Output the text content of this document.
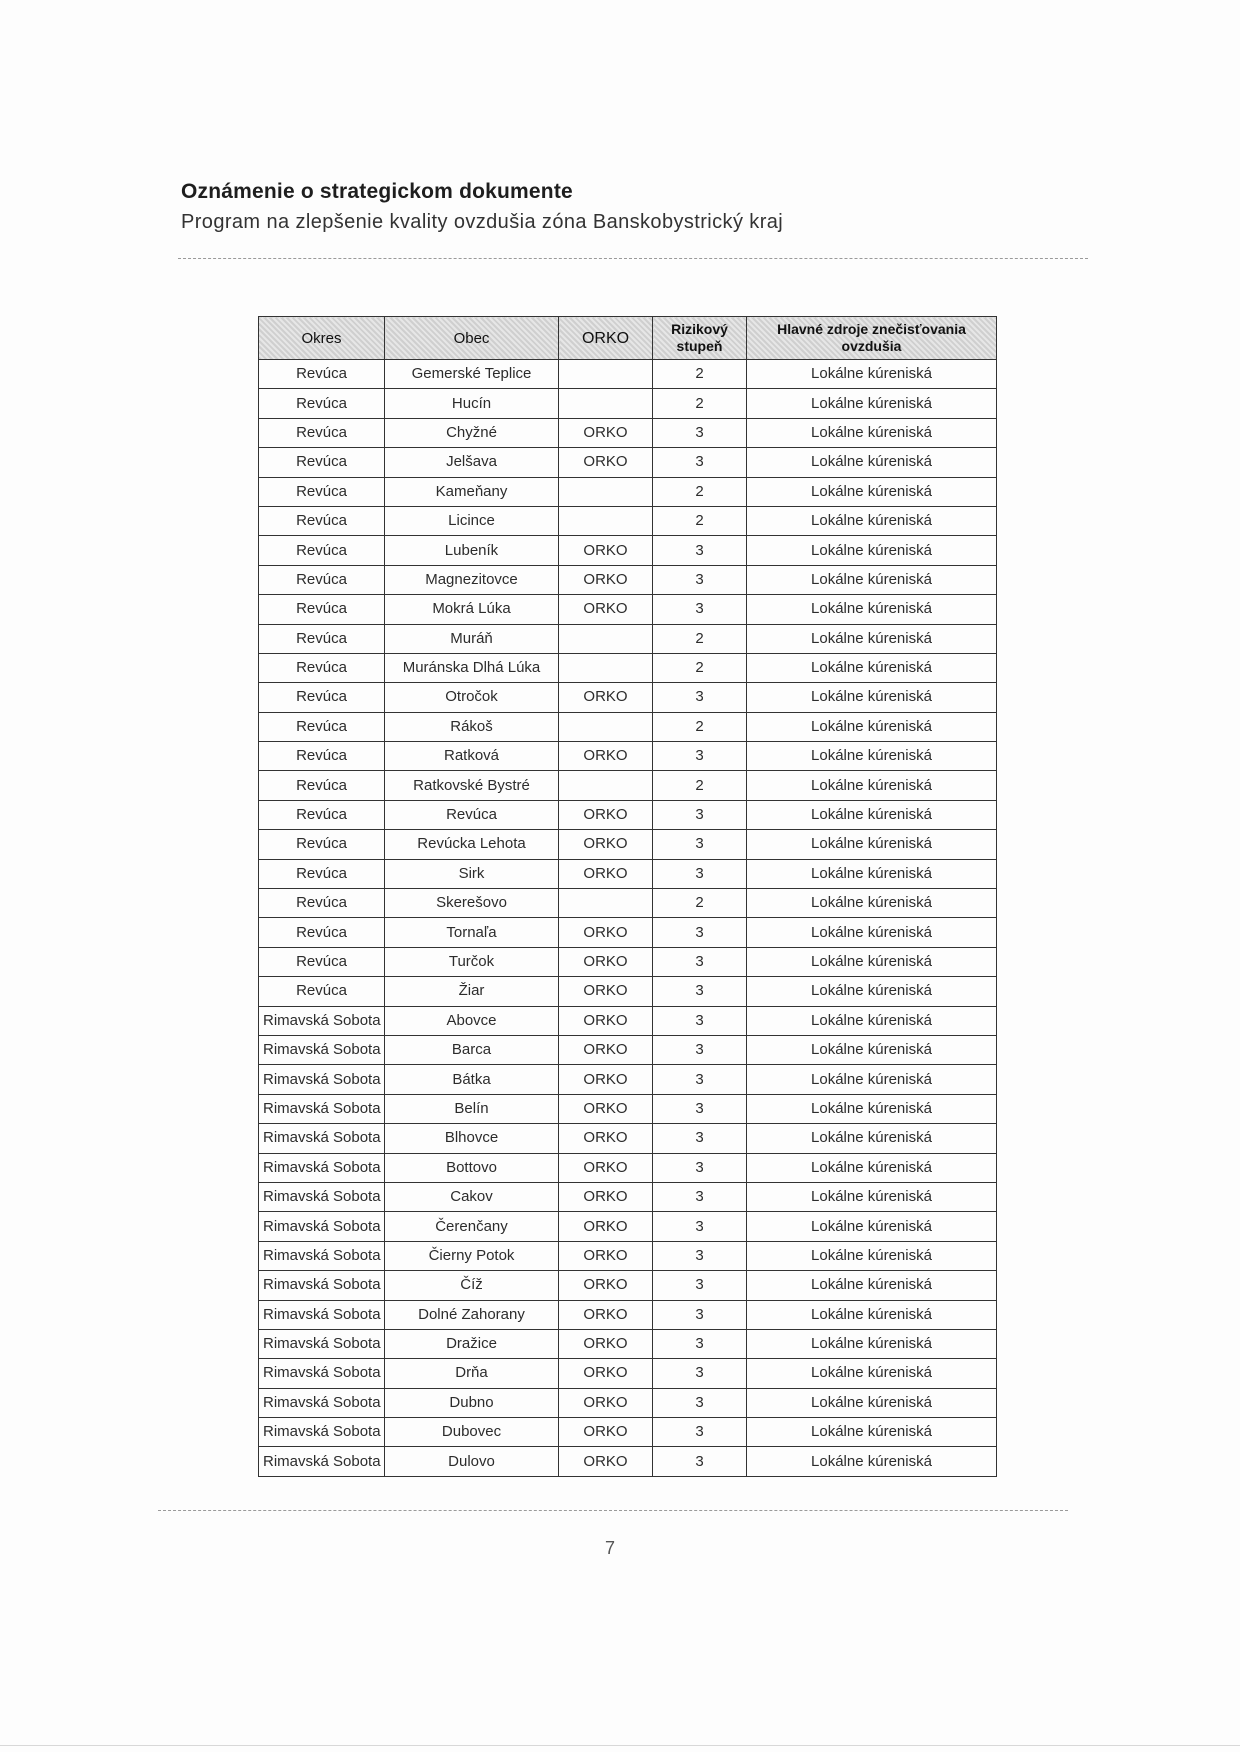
Oznámenie o strategickom dokumente
Program na zlepšenie kvality ovzdušia zóna Banskobystrický kraj
Okres	Obec	ORKO	Rizikový stupeň	Hlavné zdroje znečisťovania ovzdušia
Revúca	Gemerské Teplice		2	Lokálne kúreniská
Revúca	Hucín		2	Lokálne kúreniská
Revúca	Chyžné	ORKO	3	Lokálne kúreniská
Revúca	Jelšava	ORKO	3	Lokálne kúreniská
Revúca	Kameňany		2	Lokálne kúreniská
Revúca	Licince		2	Lokálne kúreniská
Revúca	Lubeník	ORKO	3	Lokálne kúreniská
Revúca	Magnezitovce	ORKO	3	Lokálne kúreniská
Revúca	Mokrá Lúka	ORKO	3	Lokálne kúreniská
Revúca	Muráň		2	Lokálne kúreniská
Revúca	Muránska Dlhá Lúka		2	Lokálne kúreniská
Revúca	Otročok	ORKO	3	Lokálne kúreniská
Revúca	Rákoš		2	Lokálne kúreniská
Revúca	Ratková	ORKO	3	Lokálne kúreniská
Revúca	Ratkovské Bystré		2	Lokálne kúreniská
Revúca	Revúca	ORKO	3	Lokálne kúreniská
Revúca	Revúcka Lehota	ORKO	3	Lokálne kúreniská
Revúca	Sirk	ORKO	3	Lokálne kúreniská
Revúca	Skerešovo		2	Lokálne kúreniská
Revúca	Tornaľa	ORKO	3	Lokálne kúreniská
Revúca	Turčok	ORKO	3	Lokálne kúreniská
Revúca	Žiar	ORKO	3	Lokálne kúreniská
Rimavská Sobota	Abovce	ORKO	3	Lokálne kúreniská
Rimavská Sobota	Barca	ORKO	3	Lokálne kúreniská
Rimavská Sobota	Bátka	ORKO	3	Lokálne kúreniská
Rimavská Sobota	Belín	ORKO	3	Lokálne kúreniská
Rimavská Sobota	Blhovce	ORKO	3	Lokálne kúreniská
Rimavská Sobota	Bottovo	ORKO	3	Lokálne kúreniská
Rimavská Sobota	Cakov	ORKO	3	Lokálne kúreniská
Rimavská Sobota	Čerenčany	ORKO	3	Lokálne kúreniská
Rimavská Sobota	Čierny Potok	ORKO	3	Lokálne kúreniská
Rimavská Sobota	Číž	ORKO	3	Lokálne kúreniská
Rimavská Sobota	Dolné Zahorany	ORKO	3	Lokálne kúreniská
Rimavská Sobota	Dražice	ORKO	3	Lokálne kúreniská
Rimavská Sobota	Drňa	ORKO	3	Lokálne kúreniská
Rimavská Sobota	Dubno	ORKO	3	Lokálne kúreniská
Rimavská Sobota	Dubovec	ORKO	3	Lokálne kúreniská
Rimavská Sobota	Dulovo	ORKO	3	Lokálne kúreniská
7
